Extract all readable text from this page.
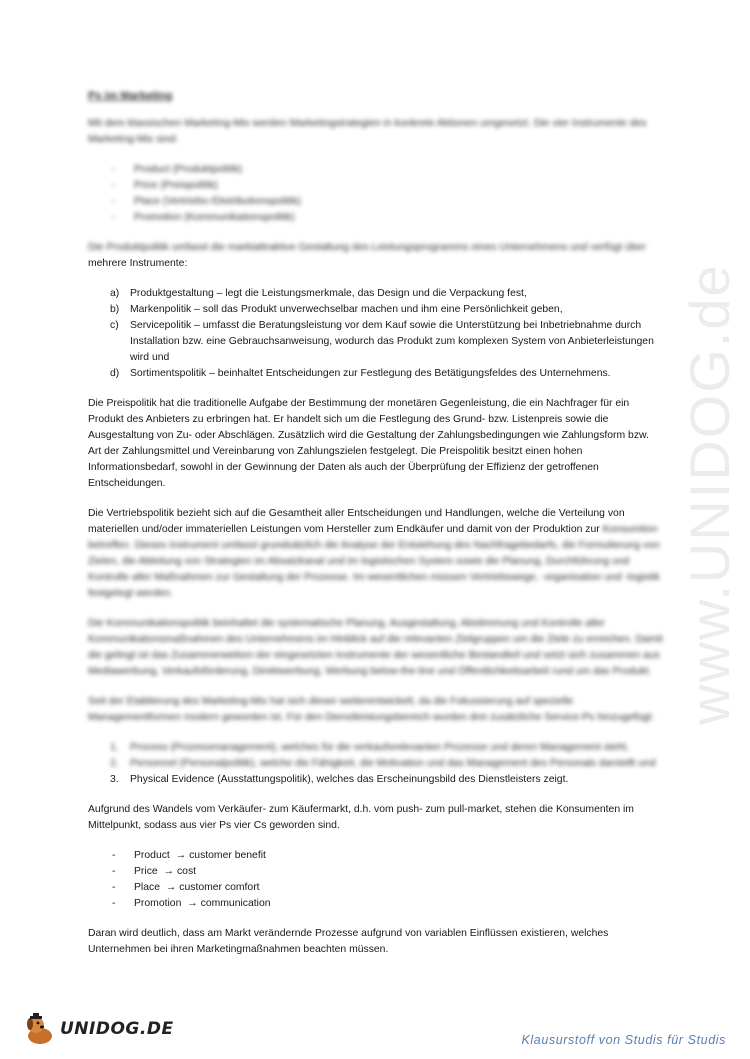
www.UNIDOG.de
Ps im Marketing

Mit dem klassischen Marketing-Mix werden Marketingstrategien in konkrete Aktionen umgesetzt. Die vier Instrumente des Marketing-Mix sind:

- Product (Produktpolitik)
- Price (Preispolitik)
- Place (Vertriebs-/Distributionspolitik)
- Promotion (Kommunikationspolitik)

Die Produktpolitik umfasst die marktattraktive Gestaltung des Leistungsprogramms eines Unternehmens und verfügt über
mehrere Instrumente:

a)	Produktgestaltung – legt die Leistungsmerkmale, das Design und die Verpackung fest,
b)	Markenpolitik – soll das Produkt unverwechselbar machen und ihm eine Persönlichkeit geben,
c)	Servicepolitik – umfasst die Beratungsleistung vor dem Kauf sowie die Unterstützung bei Inbetriebnahme durch Installation bzw. eine Gebrauchsanweisung, wodurch das Produkt zum komplexen System von Anbieterleistungen wird und
d)	Sortimentspolitik – beinhaltet Entscheidungen zur Festlegung des Betätigungsfeldes des Unternehmens.

Die Preispolitik hat die traditionelle Aufgabe der Bestimmung der monetären Gegenleistung, die ein Nachfrager für ein Produkt des Anbieters zu erbringen hat. Er handelt sich um die Festlegung des Grund- bzw. Listenpreis sowie die Ausgestaltung von Zu- oder Abschlägen. Zusätzlich wird die Gestaltung der Zahlungsbedingungen wie Zahlungsform bzw. Art der Zahlungsmittel und Vereinbarung von Zahlungszielen festgelegt. Die Preispolitik besitzt einen hohen Informationsbedarf, sowohl in der Gewinnung der Daten als auch der Überprüfung der Effizienz der getroffenen Entscheidungen.

Die Vertriebspolitik bezieht sich auf die Gesamtheit aller Entscheidungen und Handlungen, welche die Verteilung von materiellen und/oder immateriellen Leistungen vom Hersteller zum Endkäufer und damit von der Produktion zur Konsumtion betreffen. Dieses Instrument umfasst grundsätzlich die Analyse der Entstehung des Nachfragebedarfs, die Formulierung von Zielen, die Ableitung von Strategien im Absatzkanal und im logistischen System sowie die Planung, Durchführung und Kontrolle aller Maßnahmen zur Gestaltung der Prozesse. Im wesentlichen müssen Vertriebswege, -organisation und -logistik festgelegt werden.

Die Kommunikationspolitik beinhaltet die systematische Planung, Ausgestaltung, Abstimmung und Kontrolle aller Kommunikationsmaßnahmen des Unternehmens im Hinblick auf die relevanten Zielgruppen um die Ziele zu erreichen. Damit die gelingt ist das Zusammenwirken der eingesetzten Instrumente der wesentliche Bestandteil und setzt sich zusammen aus Mediawerbung, Verkaufsförderung, Direktwerbung, Werbung below-the-line und Öffentlichkeitsarbeit rund um das Produkt.

Seit der Etablierung des Marketing-Mix hat sich dieser weiterentwickelt, da die Fokussierung auf spezielle Managementformen modern geworden ist. Für den Dienstleistungsbereich wurden drei zusätzliche Service-Ps hinzugefügt:

1.	Process (Prozessmanagement), welches für die verkaufsrelevanten Prozesse und deren Management steht,
2.	Personnel (Personalpolitik), welche die Fähigkeit, die Motivation und das Management des Personals darstellt und
3.	Physical Evidence (Ausstattungspolitik), welches das Erscheinungsbild des Dienstleisters zeigt.

Aufgrund des Wandels vom Verkäufer- zum Käufermarkt, d.h. vom push- zum pull-market, stehen die Konsumenten im Mittelpunkt, sodass aus vier Ps vier Cs geworden sind.

- Product → customer benefit
- Price → cost
- Place → customer comfort
- Promotion → communication

Daran wird deutlich, dass am Markt verändernde Prozesse aufgrund von variablen Einflüssen existieren, welches Unternehmen bei ihren Marketingmaßnahmen beachten müssen.

UNIDOG.DE
Klausurstoff von Studis für Studis
